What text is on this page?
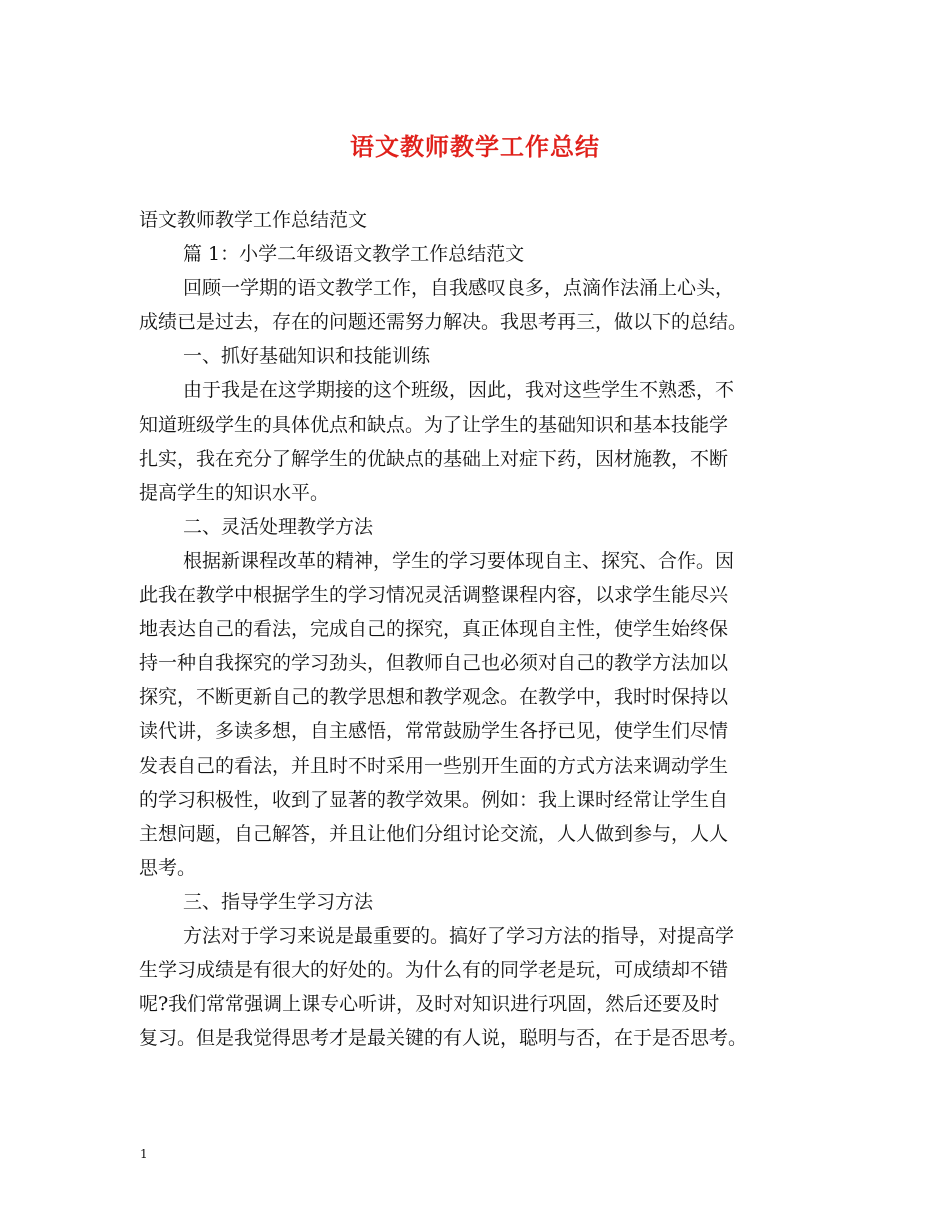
语文教师教学工作总结
语文教师教学工作总结范文
篇 1：小学二年级语文教学工作总结范文
回顾一学期的语文教学工作，自我感叹良多，点滴作法涌上心头，
成绩已是过去，存在的问题还需努力解决。我思考再三，做以下的总结。
一、抓好基础知识和技能训练
由于我是在这学期接的这个班级，因此，我对这些学生不熟悉，不
知道班级学生的具体优点和缺点。为了让学生的基础知识和基本技能学
扎实，我在充分了解学生的优缺点的基础上对症下药，因材施教，不断
提高学生的知识水平。
二、灵活处理教学方法
根据新课程改革的精神，学生的学习要体现自主、探究、合作。因
此我在教学中根据学生的学习情况灵活调整课程内容，以求学生能尽兴
地表达自己的看法，完成自己的探究，真正体现自主性，使学生始终保
持一种自我探究的学习劲头，但教师自己也必须对自己的教学方法加以
探究，不断更新自己的教学思想和教学观念。在教学中，我时时保持以
读代讲，多读多想，自主感悟，常常鼓励学生各抒已见，使学生们尽情
发表自己的看法，并且时不时采用一些别开生面的方式方法来调动学生
的学习积极性，收到了显著的教学效果。例如：我上课时经常让学生自
主想问题，自己解答，并且让他们分组讨论交流，人人做到参与，人人
思考。
三、指导学生学习方法
方法对于学习来说是最重要的。搞好了学习方法的指导，对提高学
生学习成绩是有很大的好处的。为什么有的同学老是玩，可成绩却不错
呢?我们常常强调上课专心听讲，及时对知识进行巩固，然后还要及时
复习。但是我觉得思考才是最关键的有人说，聪明与否，在于是否思考。
1
